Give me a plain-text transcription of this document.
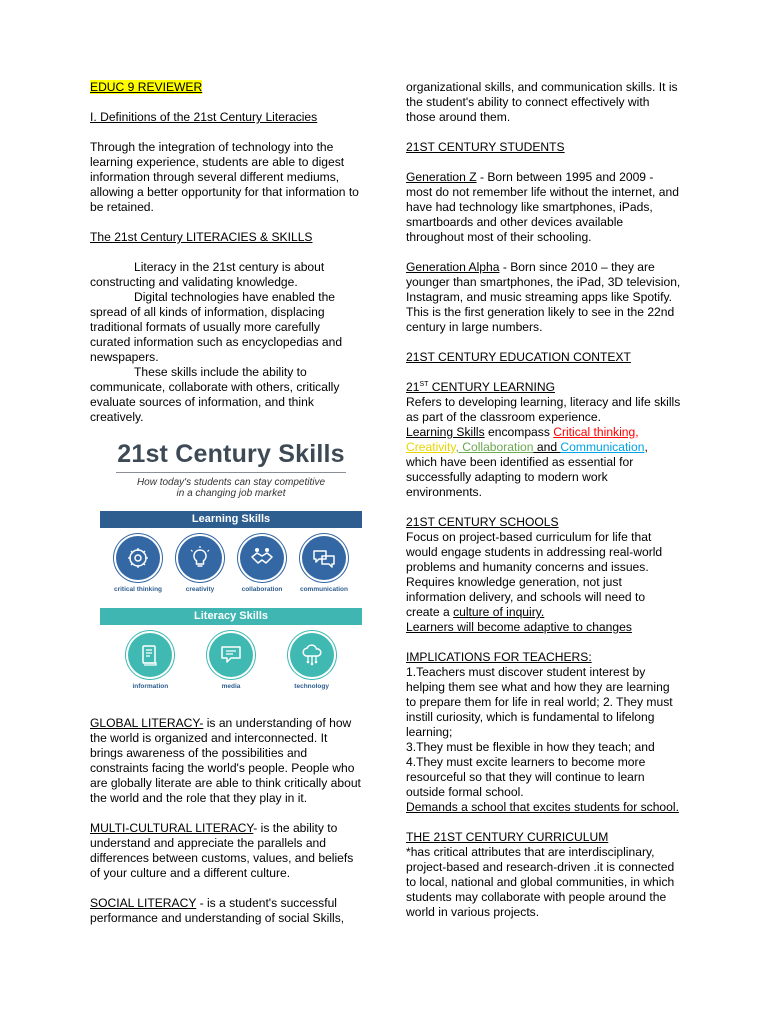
EDUC 9 REVIEWER

I. Definitions of the 21st Century Literacies

Through the integration of technology into the learning experience, students are able to digest information through several different mediums, allowing a better opportunity for that information to be retained.

The 21st Century LITERACIES & SKILLS

Literacy in the 21st century is about constructing and validating knowledge.

Digital technologies have enabled the spread of all kinds of information, displacing traditional formats of usually more carefully curated information such as encyclopedias and newspapers.

These skills include the ability to communicate, collaborate with others, critically evaluate sources of information, and think creatively.

21st Century Skills
How today's students can stay competitive
in a changing job market
Learning Skills
critical thinking	creativity	collaboration	communication
Literacy Skills
information	media	technology

GLOBAL LITERACY- is an understanding of how the world is organized and interconnected. It brings awareness of the possibilities and constraints facing the world's people. People who are globally literate are able to think critically about the world and the role that they play in it.

MULTI-CULTURAL LITERACY- is the ability to understand and appreciate the parallels and differences between customs, values, and beliefs of your culture and a different culture.

SOCIAL LITERACY - is a student's successful performance and understanding of social Skills,

organizational skills, and communication skills. It is the student's ability to connect effectively with those around them.

21ST CENTURY STUDENTS

Generation Z - Born between 1995 and 2009 - most do not remember life without the internet, and have had technology like smartphones, iPads, smartboards and other devices available throughout most of their schooling.

Generation Alpha - Born since 2010 – they are younger than smartphones, the iPad, 3D television, Instagram, and music streaming apps like Spotify. This is the first generation likely to see in the 22nd century in large numbers.

21ST CENTURY EDUCATION CONTEXT

21ST CENTURY LEARNING

Refers to developing learning, literacy and life skills as part of the classroom experience.

Learning Skills encompass Critical thinking, Creativity, Collaboration and Communication, which have been identified as essential for successfully adapting to modern work environments.

21ST CENTURY SCHOOLS

Focus on project-based curriculum for life that would engage students in addressing real-world problems and humanity concerns and issues. Requires knowledge generation, not just information delivery, and schools will need to create a culture of inquiry.

Learners will become adaptive to changes

IMPLICATIONS FOR TEACHERS:

1.Teachers must discover student interest by helping them see what and how they are learning to prepare them for life in real world; 2. They must instill curiosity, which is fundamental to lifelong learning;

3.They must be flexible in how they teach; and

4.They must excite learners to become more resourceful so that they will continue to learn outside formal school.

Demands a school that excites students for school.

THE 21ST CENTURY CURRICULUM

*has critical attributes that are interdisciplinary, project-based and research-driven .it is connected to local, national and global communities, in which students may collaborate with people around the world in various projects.
